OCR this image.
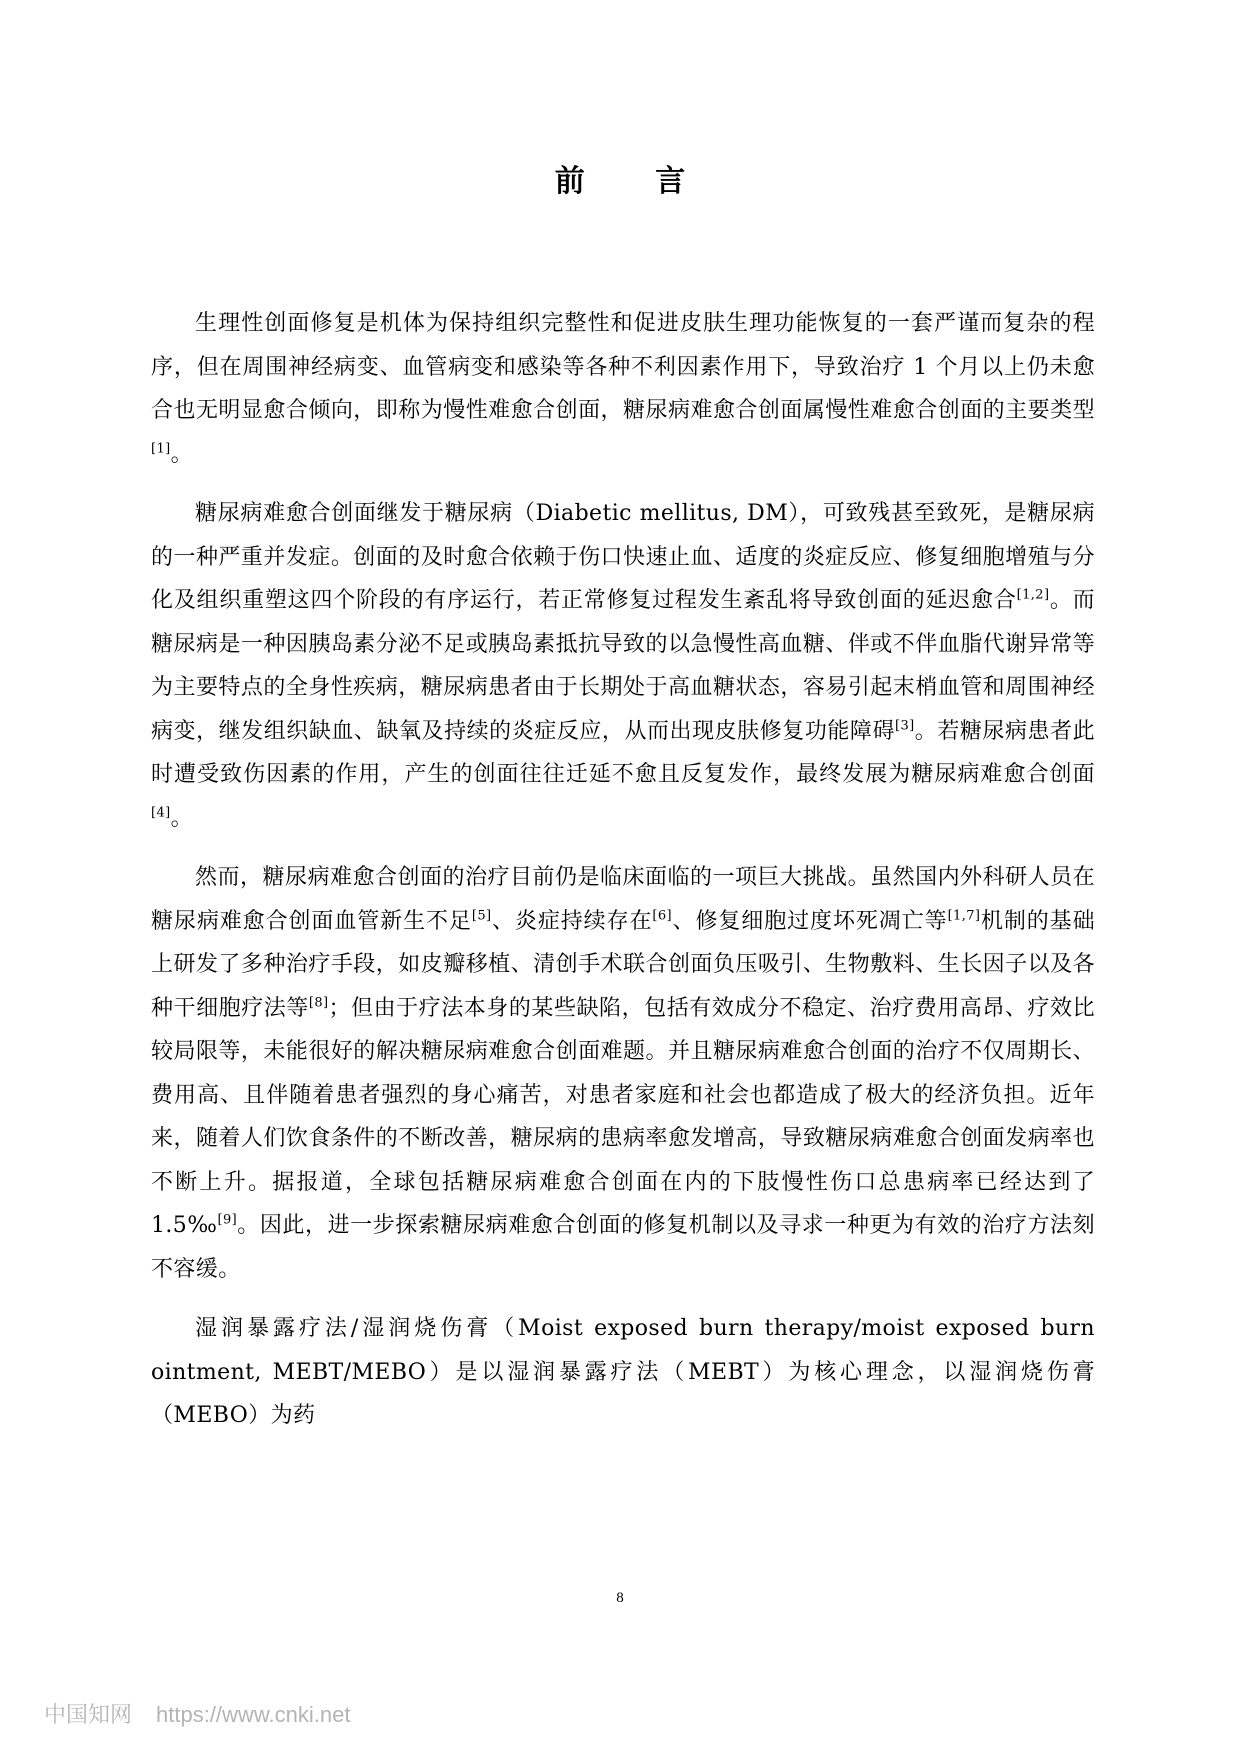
前 言

生理性创面修复是机体为保持组织完整性和促进皮肤生理功能恢复的一套严谨而复杂的程序，但在周围神经病变、血管病变和感染等各种不利因素作用下，导致治疗 1 个月以上仍未愈合也无明显愈合倾向，即称为慢性难愈合创面，糖尿病难愈合创面属慢性难愈合创面的主要类型[1]。

糖尿病难愈合创面继发于糖尿病（Diabetic mellitus, DM），可致残甚至致死，是糖尿病的一种严重并发症。创面的及时愈合依赖于伤口快速止血、适度的炎症反应、修复细胞增殖与分化及组织重塑这四个阶段的有序运行，若正常修复过程发生紊乱将导致创面的延迟愈合[1,2]。而糖尿病是一种因胰岛素分泌不足或胰岛素抵抗导致的以急慢性高血糖、伴或不伴血脂代谢异常等为主要特点的全身性疾病，糖尿病患者由于长期处于高血糖状态，容易引起末梢血管和周围神经病变，继发组织缺血、缺氧及持续的炎症反应，从而出现皮肤修复功能障碍[3]。若糖尿病患者此时遭受致伤因素的作用，产生的创面往往迁延不愈且反复发作，最终发展为糖尿病难愈合创面[4]。

然而，糖尿病难愈合创面的治疗目前仍是临床面临的一项巨大挑战。虽然国内外科研人员在糖尿病难愈合创面血管新生不足[5]、炎症持续存在[6]、修复细胞过度坏死凋亡等[1,7]机制的基础上研发了多种治疗手段，如皮瓣移植、清创手术联合创面负压吸引、生物敷料、生长因子以及各种干细胞疗法等[8]；但由于疗法本身的某些缺陷，包括有效成分不稳定、治疗费用高昂、疗效比较局限等，未能很好的解决糖尿病难愈合创面难题。并且糖尿病难愈合创面的治疗不仅周期长、费用高、且伴随着患者强烈的身心痛苦，对患者家庭和社会也都造成了极大的经济负担。近年来，随着人们饮食条件的不断改善，糖尿病的患病率愈发增高，导致糖尿病难愈合创面发病率也不断上升。据报道，全球包括糖尿病难愈合创面在内的下肢慢性伤口总患病率已经达到了 1.5‰[9]。因此，进一步探索糖尿病难愈合创面的修复机制以及寻求一种更为有效的治疗方法刻不容缓。

湿润暴露疗法/湿润烧伤膏（Moist exposed burn therapy/moist exposed burn ointment, MEBT/MEBO）是以湿润暴露疗法（MEBT）为核心理念，以湿润烧伤膏（MEBO）为药

8
中国知网 https://www.cnki.net
